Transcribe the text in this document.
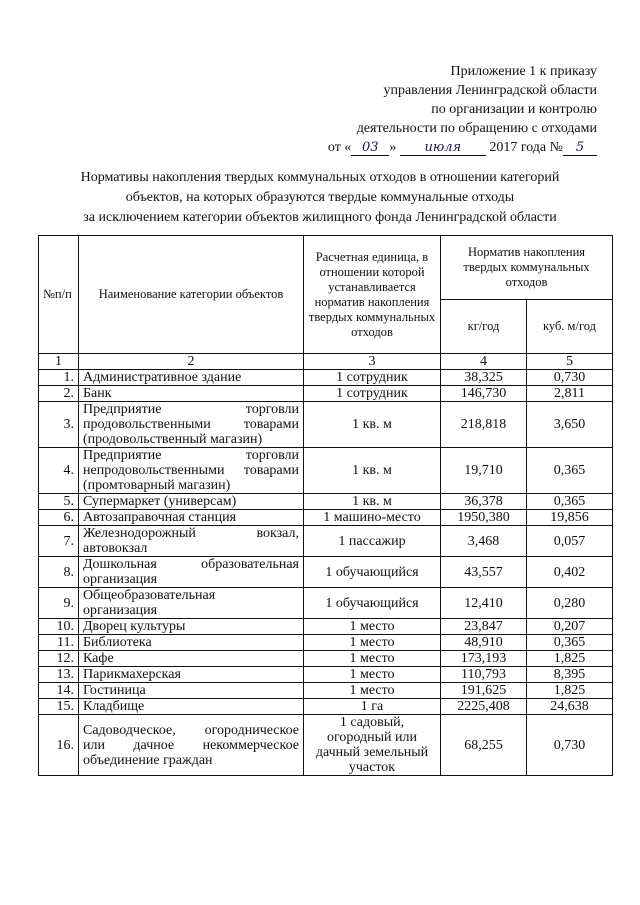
Приложение 1 к приказу
управления Ленинградской области
по организации и контролю
деятельности по обращению с отходами
от « 03 » июля 2017 года № 5
Нормативы накопления твердых коммунальных отходов в отношении категорий
объектов, на которых образуются твердые коммунальные отходы
за исключением категории объектов жилищного фонда Ленинградской области
№п/п	Наименование категории объектов	Расчетная единица, в отношении которой устанавливается норматив накопления твердых коммунальных отходов	Норматив накопления твердых коммунальных отходов	
			кг/год	куб. м/год
1	2	3	4	5
1.	Административное здание	1 сотрудник	38,325	0,730
2.	Банк	1 сотрудник	146,730	2,811
3.	Предприятие торговли
продовольственными товарами
(продовольственный магазин)	1 кв. м	218,818	3,650
4.	Предприятие торговли
непродовольственными товарами
(промтоварный магазин)	1 кв. м	19,710	0,365
5.	Супермаркет (универсам)	1 кв. м	36,378	0,365
6.	Автозаправочная станция	1 машино-место	1950,380	19,856
7.	Железнодорожный вокзал,
автовокзал	1 пассажир	3,468	0,057
8.	Дошкольная образовательная
организация	1 обучающийся	43,557	0,402
9.	Общеобразовательная
организация	1 обучающийся	12,410	0,280
10.	Дворец культуры	1 место	23,847	0,207
11.	Библиотека	1 место	48,910	0,365
12.	Кафе	1 место	173,193	1,825
13.	Парикмахерская	1 место	110,793	8,395
14.	Гостиница	1 место	191,625	1,825
15.	Кладбище	1 га	2225,408	24,638
16.	Садоводческое, огородническое
или дачное некоммерческое
объединение граждан	1 садовый, огородный или дачный земельный участок	68,255	0,730
